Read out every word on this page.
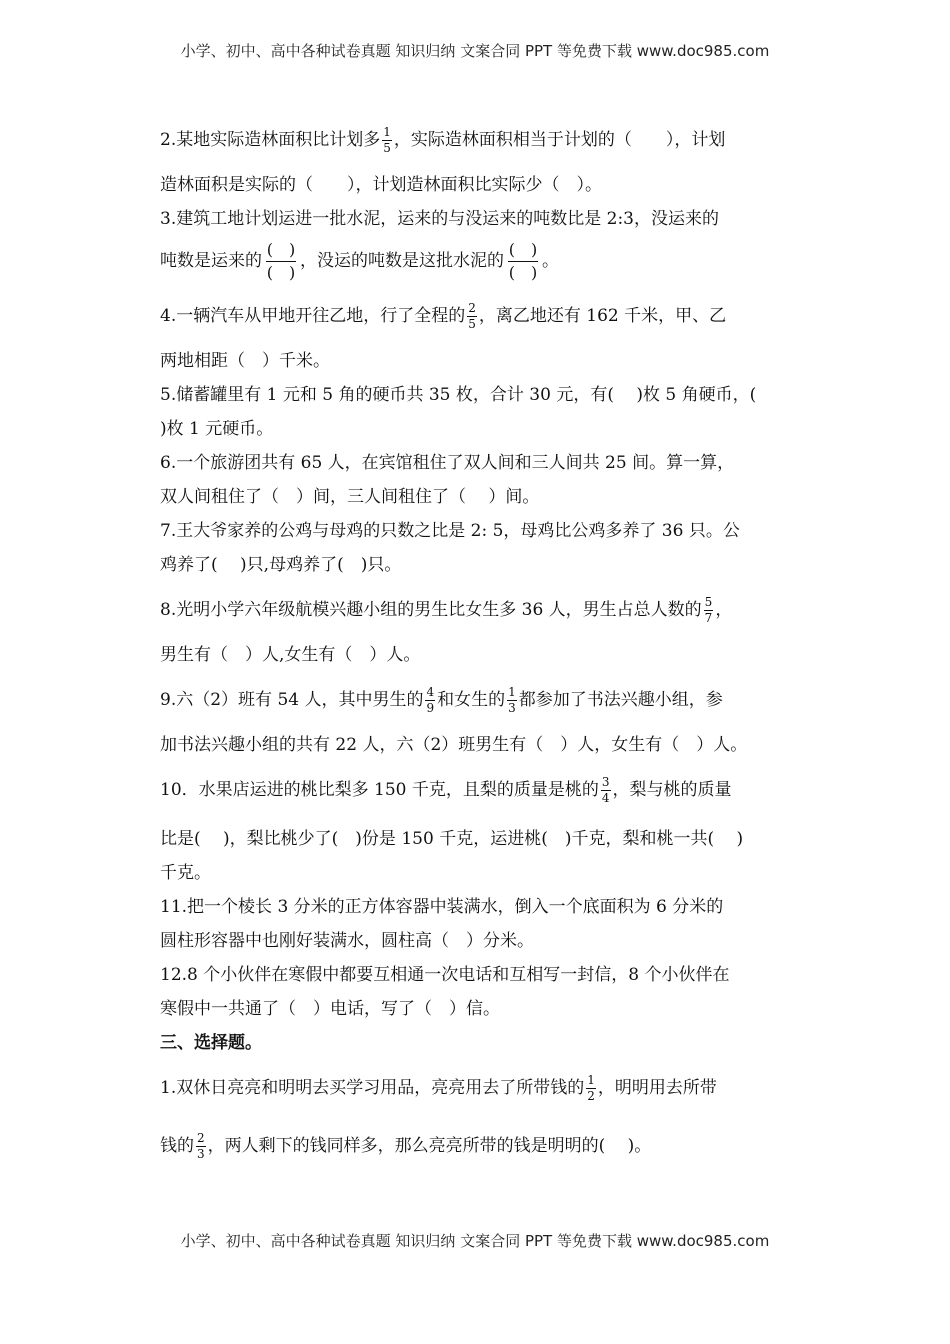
小学、初中、高中各种试卷真题 知识归纳 文案合同 PPT 等免费下载 www.doc985.com
2.某地实际造林面积比计划多 $\frac{1}{5}$ ，实际造林面积相当于计划的（　　），计划
造林面积是实际的（　　），计划造林面积比实际少（　）。
3.建筑工地计划运进一批水泥，运来的与没运来的吨数比是 2:3，没运来的
吨数是运来的
(　)
(　)
，没运的吨数是这批水泥的
(　)
(　)
。
4.一辆汽车从甲地开往乙地，行了全程的 $\frac{2}{5}$ ，离乙地还有 162 千米，甲、乙
两地相距（　）千米。
5.储蓄罐里有 1 元和 5 角的硬币共 35 枚，合计 30 元，有(　 )枚 5 角硬币，(
)枚 1 元硬币。
6.一个旅游团共有 65 人，在宾馆租住了双人间和三人间共 25 间。算一算，
双人间租住了（　）间，三人间租住了（　 ）间。
7.王大爷家养的公鸡与母鸡的只数之比是 2: 5，母鸡比公鸡多养了 36 只。公
鸡养了(　 )只,母鸡养了(　)只。
8.光明小学六年级航模兴趣小组的男生比女生多 36 人，男生占总人数的 $\frac{5}{7}$ ，
男生有（　）人,女生有（　）人。
9.六（2）班有 54 人，其中男生的 $\frac{4}{9}$ 和女生的 $\frac{1}{3}$ 都参加了书法兴趣小组，参
加书法兴趣小组的共有 22 人，六（2）班男生有（　）人，女生有（　）人。
10．水果店运进的桃比梨多 150 千克，且梨的质量是桃的 $\frac{3}{4}$ ，梨与桃的质量
比是(　 )，梨比桃少了(　)份是 150 千克，运进桃(　)千克，梨和桃一共(　 )
千克。
11.把一个棱长 3 分米的正方体容器中装满水，倒入一个底面积为 6 分米的
圆柱形容器中也刚好装满水，圆柱高（　）分米。
12.8 个小伙伴在寒假中都要互相通一次电话和互相写一封信，8 个小伙伴在
寒假中一共通了（　）电话，写了（　）信。
三、选择题。
1.双休日亮亮和明明去买学习用品，亮亮用去了所带钱的 $\frac{1}{2}$ ，明明用去所带
钱的 $\frac{2}{3}$ ，两人剩下的钱同样多，那么亮亮所带的钱是明明的(　 )。
小学、初中、高中各种试卷真题 知识归纳 文案合同 PPT 等免费下载 www.doc985.com
